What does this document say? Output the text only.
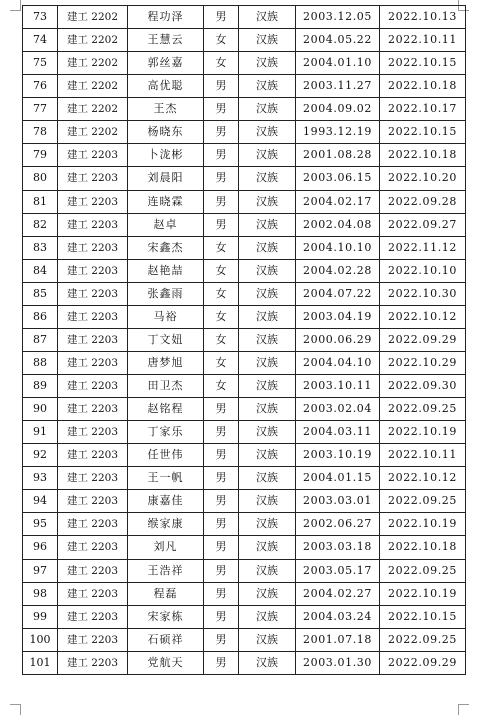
73	建工 2202	程功泽	男	汉族	2003.12.05	2022.10.13
74	建工 2202	王慧云	女	汉族	2004.05.22	2022.10.11
75	建工 2202	郭丝嘉	女	汉族	2004.01.10	2022.10.15
76	建工 2202	高优聪	男	汉族	2003.11.27	2022.10.18
77	建工 2202	王杰	男	汉族	2004.09.02	2022.10.17
78	建工 2202	杨晓东	男	汉族	1993.12.19	2022.10.15
79	建工 2203	卜泷彬	男	汉族	2001.08.28	2022.10.18
80	建工 2203	刘晨阳	男	汉族	2003.06.15	2022.10.20
81	建工 2203	连晓霖	男	汉族	2004.02.17	2022.09.28
82	建工 2203	赵卓	男	汉族	2002.04.08	2022.09.27
83	建工 2203	宋鑫杰	女	汉族	2004.10.10	2022.11.12
84	建工 2203	赵艳喆	女	汉族	2004.02.28	2022.10.10
85	建工 2203	张鑫雨	女	汉族	2004.07.22	2022.10.30
86	建工 2203	马裕	女	汉族	2003.04.19	2022.10.12
87	建工 2203	丁文妞	女	汉族	2000.06.29	2022.09.29
88	建工 2203	唐梦旭	女	汉族	2004.04.10	2022.10.29
89	建工 2203	田卫杰	女	汉族	2003.10.11	2022.09.30
90	建工 2203	赵铭程	男	汉族	2003.02.04	2022.09.25
91	建工 2203	丁家乐	男	汉族	2004.03.11	2022.10.19
92	建工 2203	任世伟	男	汉族	2003.10.19	2022.10.11
93	建工 2203	王一帆	男	汉族	2004.01.15	2022.10.12
94	建工 2203	康嘉佳	男	汉族	2003.03.01	2022.09.25
95	建工 2203	缑家康	男	汉族	2002.06.27	2022.10.19
96	建工 2203	刘凡	男	汉族	2003.03.18	2022.10.18
97	建工 2203	王浩祥	男	汉族	2003.05.17	2022.09.25
98	建工 2203	程磊	男	汉族	2004.02.27	2022.10.19
99	建工 2203	宋家栋	男	汉族	2004.03.24	2022.10.15
100	建工 2203	石硕祥	男	汉族	2001.07.18	2022.09.25
101	建工 2203	党航天	男	汉族	2003.01.30	2022.09.29
